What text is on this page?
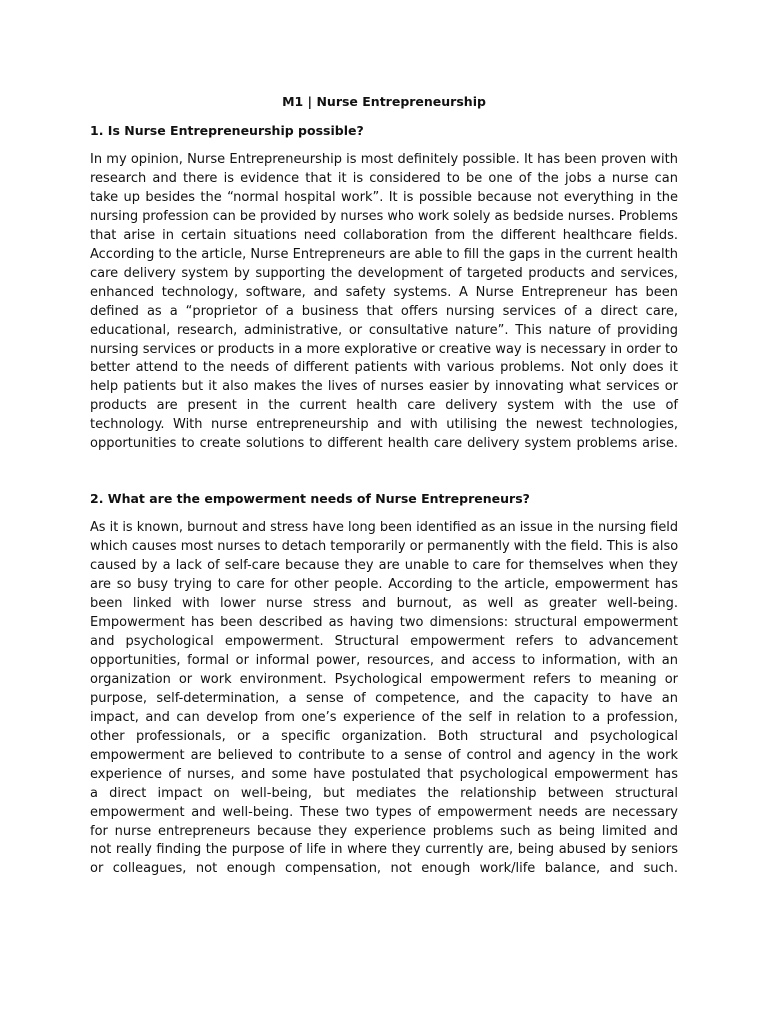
M1 | Nurse Entrepreneurship
1. Is Nurse Entrepreneurship possible?
In my opinion, Nurse Entrepreneurship is most definitely possible. It has been proven with
research and there is evidence that it is considered to be one of the jobs a nurse can
take up besides the “normal hospital work”. It is possible because not everything in the
nursing profession can be provided by nurses who work solely as bedside nurses. Problems
that arise in certain situations need collaboration from the different healthcare fields.
According to the article, Nurse Entrepreneurs are able to fill the gaps in the current health
care delivery system by supporting the development of targeted products and services,
enhanced technology, software, and safety systems. A Nurse Entrepreneur has been
defined as a “proprietor of a business that offers nursing services of a direct care,
educational, research, administrative, or consultative nature”. This nature of providing
nursing services or products in a more explorative or creative way is necessary in order to
better attend to the needs of different patients with various problems. Not only does it
help patients but it also makes the lives of nurses easier by innovating what services or
products are present in the current health care delivery system with the use of
technology. With nurse entrepreneurship and with utilising the newest technologies,
opportunities to create solutions to different health care delivery system problems arise.
2. What are the empowerment needs of Nurse Entrepreneurs?
As it is known, burnout and stress have long been identified as an issue in the nursing field
which causes most nurses to detach temporarily or permanently with the field. This is also
caused by a lack of self-care because they are unable to care for themselves when they
are so busy trying to care for other people. According to the article, empowerment has
been linked with lower nurse stress and burnout, as well as greater well-being.
Empowerment has been described as having two dimensions: structural empowerment
and psychological empowerment. Structural empowerment refers to advancement
opportunities, formal or informal power, resources, and access to information, with an
organization or work environment. Psychological empowerment refers to meaning or
purpose, self-determination, a sense of competence, and the capacity to have an
impact, and can develop from one’s experience of the self in relation to a profession,
other professionals, or a specific organization. Both structural and psychological
empowerment are believed to contribute to a sense of control and agency in the work
experience of nurses, and some have postulated that psychological empowerment has
a direct impact on well-being, but mediates the relationship between structural
empowerment and well-being. These two types of empowerment needs are necessary
for nurse entrepreneurs because they experience problems such as being limited and
not really finding the purpose of life in where they currently are, being abused by seniors
or colleagues, not enough compensation, not enough work/life balance, and such.
